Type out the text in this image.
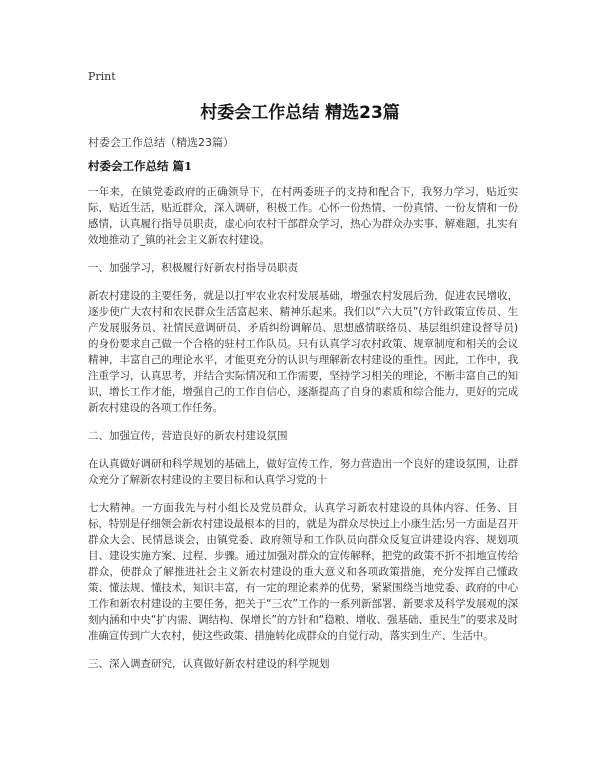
Print
村委会工作总结 精选23篇
村委会工作总结（精选23篇）
村委会工作总结 篇1

一年来，在镇党委政府的正确领导下，在村两委班子的支持和配合下，我努力学习，贴近实际，贴近生活，贴近群众，深入调研，积极工作。心怀一份热情、一份真情、一份友情和一份感情，认真履行指导员职责，虚心向农村干部群众学习，热心为群众办实事、解难题，扎实有效地推动了_镇的社会主义新农村建设。

一、加强学习，积极履行好新农村指导员职责

新农村建设的主要任务，就是以打牢农业农村发展基础，增强农村发展后劲，促进农民增收，逐步使广大农村和农民群众生活富起来、精神乐起来。我们以“六大员”(方针政策宣传员、生产发展服务员、社情民意调研员、矛盾纠纷调解员、思想感情联络员、基层组织建设督导员)的身份要求自己做一个合格的驻村工作队员。只有认真学习农村政策、规章制度和相关的会议精神，丰富自己的理论水平，才能更充分的认识与理解新农村建设的重性。因此，工作中，我注重学习，认真思考，并结合实际情况和工作需要，坚持学习相关的理论，不断丰富自己的知识，增长工作才能，增强自己的工作自信心，逐渐提高了自身的素质和综合能力，更好的完成新农村建设的各项工作任务。

二、加强宣传，营造良好的新农村建设氛围

在认真做好调研和科学规划的基础上，做好宣传工作，努力营造出一个良好的建设氛围，让群众充分了解新农村建设的主要目标和认真学习党的十

七大精神。一方面我先与村小组长及党员群众，认真学习新农村建设的具体内容、任务、目标，特别是仔细领会新农村建设最根本的目的，就是为群众尽快过上小康生活;另一方面是召开群众大会、民情恳谈会，由镇党委、政府领导和工作队员向群众反复宣讲建设内容、规划项目、建设实施方案、过程、步骤。通过加强对群众的宣传解释，把党的政策不折不扣地宣传给群众，使群众了解推进社会主义新农村建设的重大意义和各项政策措施，充分发挥自己懂政策、懂法规、懂技术，知识丰富，有一定的理论素养的优势，紧紧围绕当地党委、政府的中心工作和新农村建设的主要任务，把关于“三农”工作的一系列新部署、新要求及科学发展观的深刻内涵和中央“扩内需、调结构、保增长”的方针和“稳粮、增收、强基础、重民生”的要求及时准确宣传到广大农村，使这些政策、措施转化成群众的自觉行动，落实到生产、生活中。

三、深入调查研究，认真做好新农村建设的科学规划
